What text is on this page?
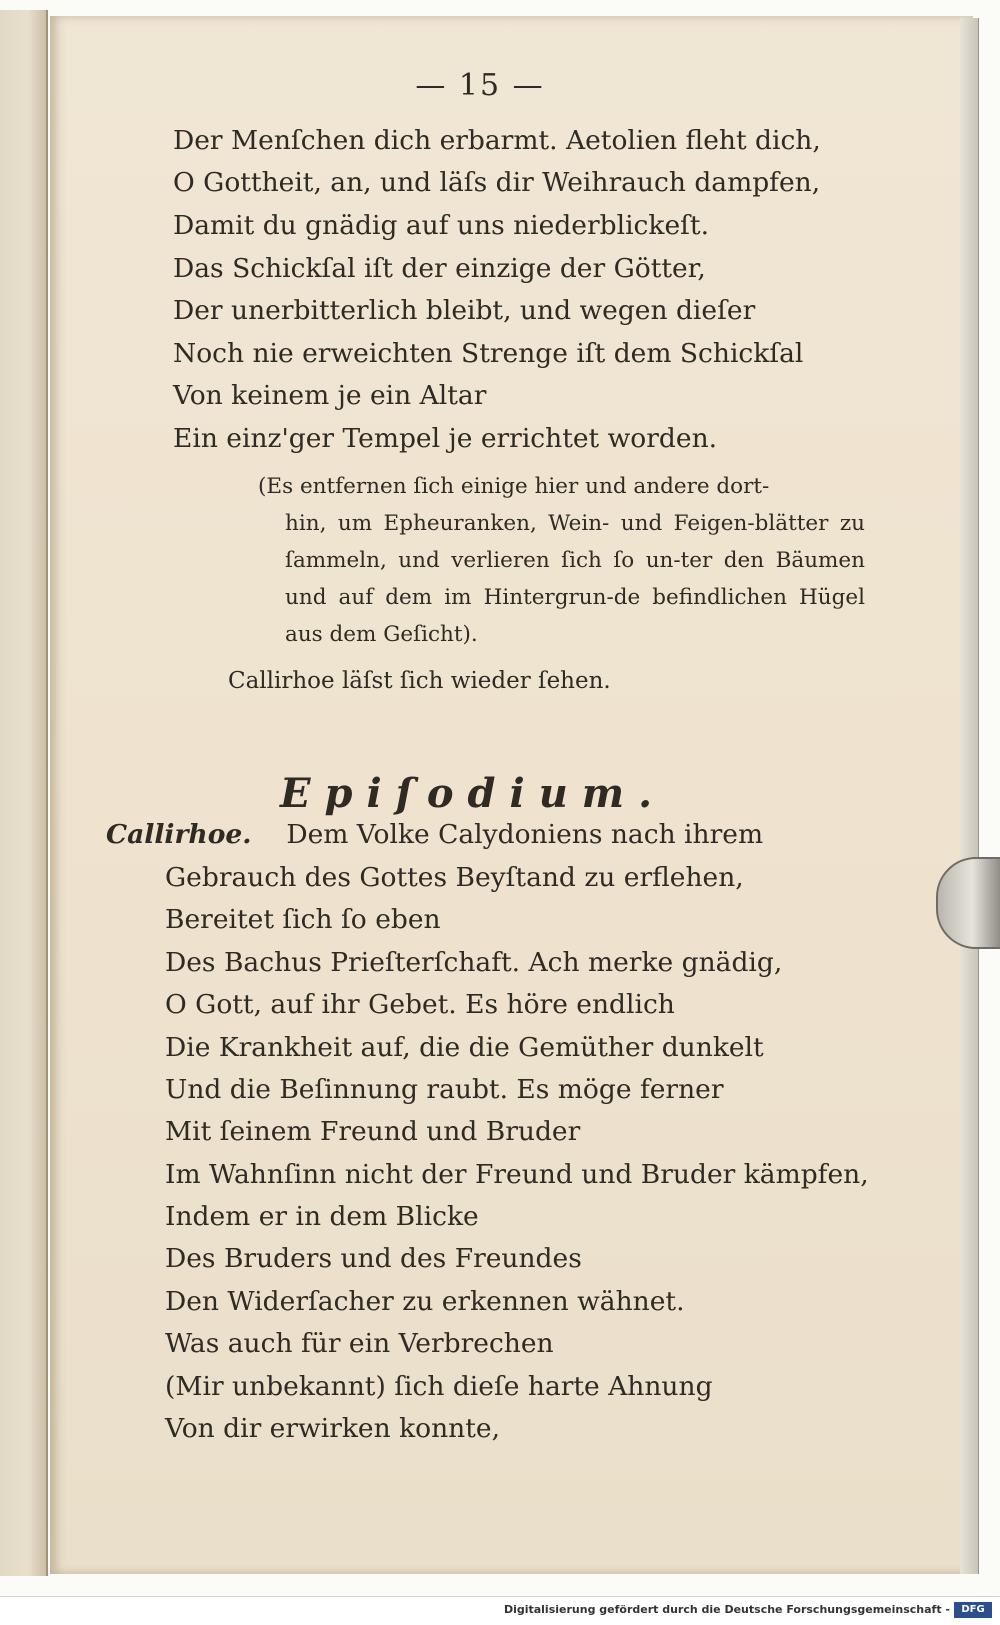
— 15 —
Der Menſchen dich erbarmt. Aetolien fleht dich,
O Gottheit, an, und läſs dir Weihrauch dampfen,
Damit du gnädig auf uns niederblickeſt.
Das Schickſal iſt der einzige der Götter,
Der unerbitterlich bleibt, und wegen dieſer
Noch nie erweichten Strenge iſt dem Schickſal
Von keinem je ein Altar
Ein einz'ger Tempel je errichtet worden.
(Es entfernen ſich einige hier und andere dort-
hin, um Epheuranken, Wein- und Feigen-blätter zu ſammeln, und verlieren ſich ſo un-ter den Bäumen und auf dem im Hintergrun-de befindlichen Hügel aus dem Geſicht).
Callirhoe läſst ſich wieder ſehen.
Epiſodium.
Callirhoe. Dem Volke Calydoniens nach ihrem
Gebrauch des Gottes Beyſtand zu erflehen,
Bereitet ſich ſo eben
Des Bachus Prieſterſchaft. Ach merke gnädig,
O Gott, auf ihr Gebet. Es höre endlich
Die Krankheit auf, die die Gemüther dunkelt
Und die Beſinnung raubt. Es möge ferner
Mit ſeinem Freund und Bruder
Im Wahnſinn nicht der Freund und Bruder kämpfen,
Indem er in dem Blicke
Des Bruders und des Freundes
Den Widerſacher zu erkennen wähnet.
Was auch für ein Verbrechen
(Mir unbekannt) ſich dieſe harte Ahnung
Von dir erwirken konnte,
Digitalisierung gefördert durch die Deutsche Forschungsgemeinschaft -	DFG
